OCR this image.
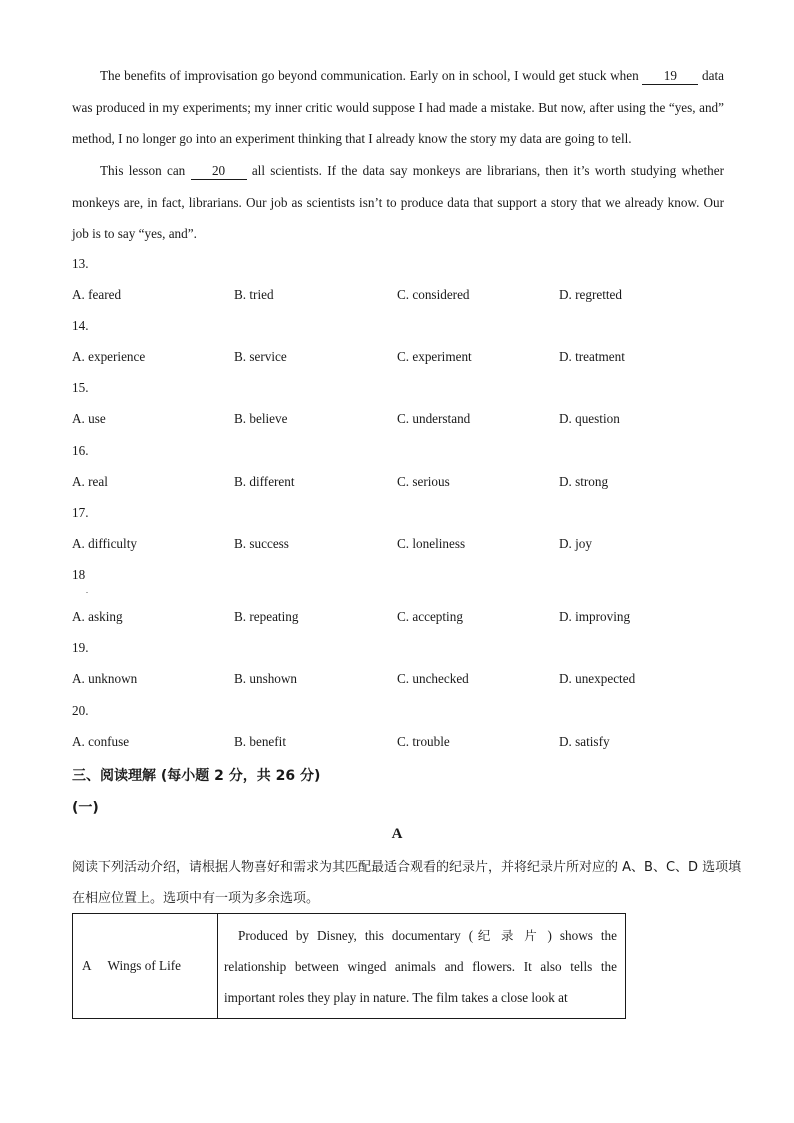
The benefits of improvisation go beyond communication. Early on in school, I would get stuck when 19 data was produced in my experiments; my inner critic would suppose I had made a mistake. But now, after using the “yes, and” method, I no longer go into an experiment thinking that I already know the story my data are going to tell.
This lesson can 20 all scientists. If the data say monkeys are librarians, then it’s worth studying whether monkeys are, in fact, librarians. Our job as scientists isn’t to produce data that support a story that we already know. Our job is to say “yes, and”.
13.
A. feared	B. tried	C. considered	D. regretted
14.
A. experience	B. service	C. experiment	D. treatment
15.
A. use	B. believe	C. understand	D. question
16.
A. real	B. different	C. serious	D. strong
17.
A. difficulty	B. success	C. loneliness	D. joy
18
.
A. asking	B. repeating	C. accepting	D. improving
19.
A. unknown	B. unshown	C. unchecked	D. unexpected
20.
A. confuse	B. benefit	C. trouble	D. satisfy
三、阅读理解 (每小题 2 分，共 26 分)
(一)
A
阅读下列活动介绍，请根据人物喜好和需求为其匹配最适合观看的纪录片，并将纪录片所对应的 A、B、C、D 选项填在相应位置上。选项中有一项为多余选项。
A Wings of Life
	Produced by Disney, this documentary (纪录片) shows the relationship between winged animals and flowers. It also tells the important roles they play in nature. The film takes a close look at
